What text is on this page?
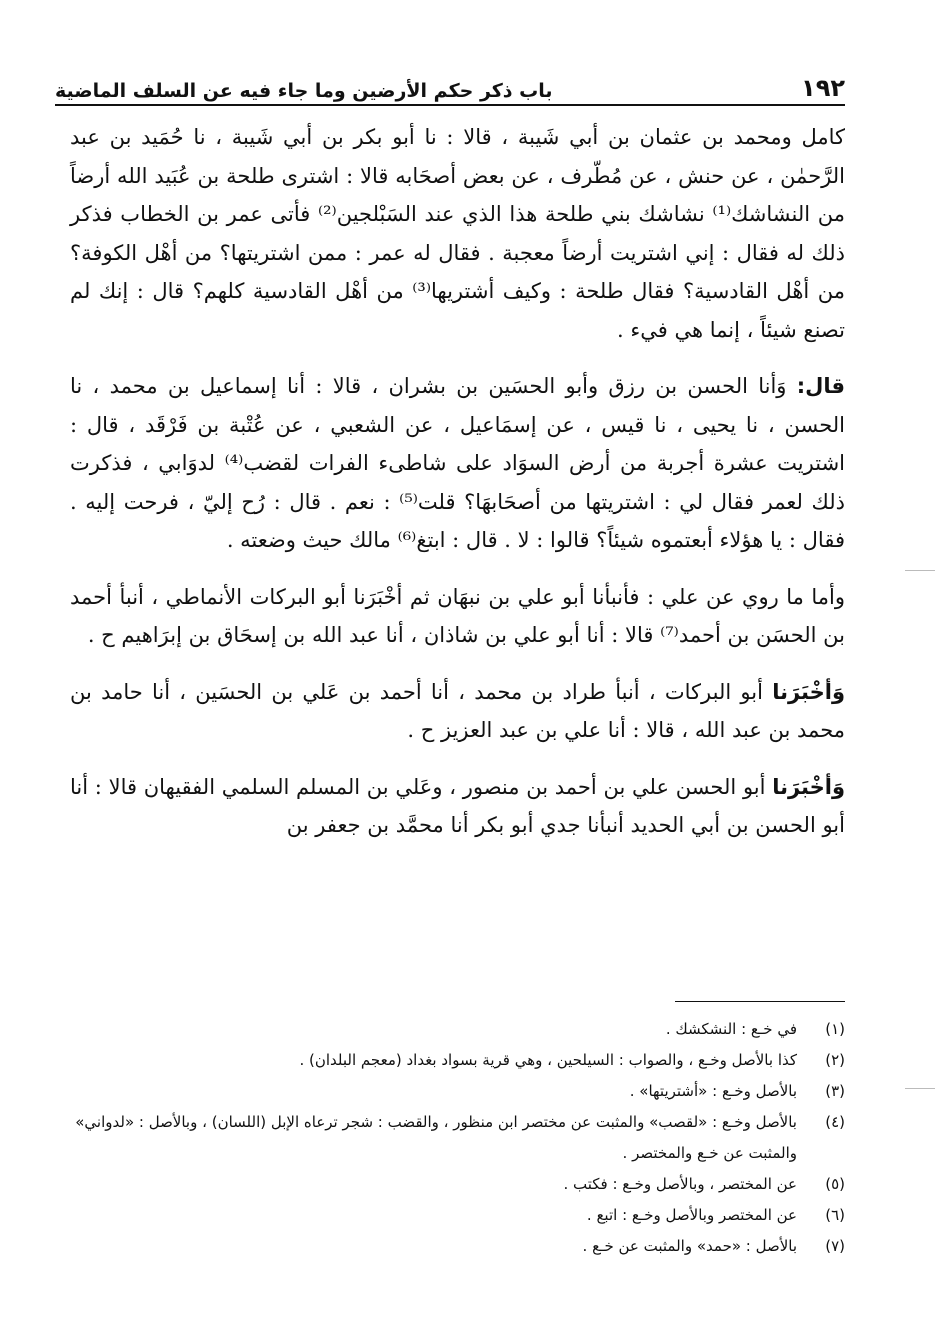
١٩٢
باب ذكر حكم الأرضين وما جاء فيه عن السلف الماضية

كامل ومحمد بن عثمان بن أبي شَيبة ، قالا : نا أبو بكر بن أبي شَيبة ، نا حُمَيد بن عبد الرَّحمٰن ، عن حنش ، عن مُطّرف ، عن بعض أصحَابه قالا : اشترى طلحة بن عُبَيد الله أرضاً من النشاشك⁽¹⁾ نشاشك بني طلحة هذا الذي عند السَبْلجين⁽²⁾ فأتى عمر بن الخطاب فذكر ذلك له فقال : إني اشتريت أرضاً معجبة . فقال له عمر : ممن اشتريتها؟ من أهْل الكوفة؟ من أهْل القادسية؟ فقال طلحة : وكيف أشتريها⁽³⁾ من أهْل القادسية كلهم؟ قال : إنك لم تصنع شيئاً ، إنما هي فيء .

قال: وَأنا الحسن بن رزق وأبو الحسَين بن بشران ، قالا : أنا إسماعيل بن محمد ، نا الحسن ، نا يحيى ، نا قيس ، عن إسمَاعيل ، عن الشعبي ، عن عُتْبة بن فَرْقَد ، قال : اشتريت عشرة أجربة من أرض السوَاد على شاطىء الفرات لقضب⁽⁴⁾ لدوَابي ، فذكرت ذلك لعمر فقال لي : اشتريتها من أصحَابهَا؟ قلت⁽⁵⁾ : نعم . قال : رُح إليّ ، فرحت إليه . فقال : يا هؤلاء أبعتموه شيئاً؟ قالوا : لا . قال : ابتغ⁽⁶⁾ مالك حيث وضعته .

وأما ما روي عن علي : فأنبأنا أبو علي بن نبهَان ثم أخْبَرَنا أبو البركات الأنماطي ، أنبأ أحمد بن الحسَن بن أحمد⁽⁷⁾ قالا : أنا أبو علي بن شاذان ، أنا عبد الله بن إسحَاق بن إبرَاهيم ح .

وَأخْبَرَنا أبو البركات ، أنبأ طراد بن محمد ، أنا أحمد بن عَلي بن الحسَين ، أنا حامد بن محمد بن عبد الله ، قالا : أنا علي بن عبد العزيز ح .

وَأخْبَرَنا أبو الحسن علي بن أحمد بن منصور ، وعَلي بن المسلم السلمي الفقيهان قالا : أنا أبو الحسن بن أبي الحديد أنبأنا جدي أبو بكر أنا محمَّد بن جعفر بن

(١)
في خـع : النشكشك .
(٢)
كذا بالأصل وخـع ، والصواب : السيلحين ، وهي قرية بسواد بغداد (معجم البلدان) .
(٣)
بالأصل وخـع : «أشتريتها» .
(٤)
بالأصل وخـع : «لقصب» والمثبت عن مختصر ابن منظور ، والقضب : شجر ترعاه الإبل (اللسان) ، وبالأصل : «لدواني» والمثبت عن خـع والمختصر .
(٥)
عن المختصر ، وبالأصل وخـع : فكتب .
(٦)
عن المختصر وبالأصل وخـع : اتبع .
(٧)
بالأصل : «حمد» والمثبت عن خـع .
